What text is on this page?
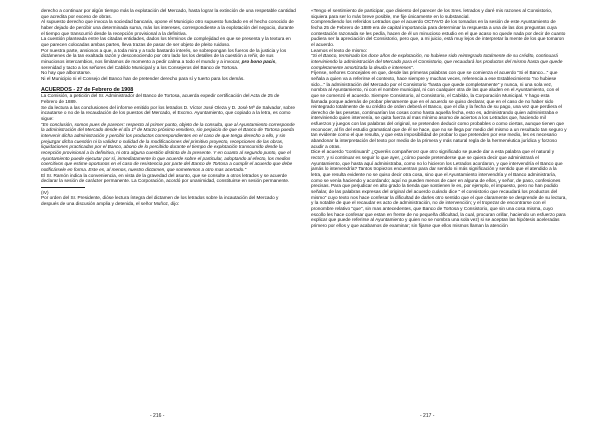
derecho a continuar por algún tiempo más la explotación del Mercado, hasta lograr la extinción de una respetable cantidad que acredita por exceso de obras.

Al supuesto derecho que invoca la sociedad bancaria, opone el Municipio otro supuesto fundado en el hecho conocido de haber dejado de percibir una determinada suma, más los intereses, correspondiente a la explotación del negocio, durante el tiempo que transcurrió desde la recepción provisional a la definitiva.

La cuestión planteada entre las citadas entidades, dados los términos de complejidad en que se presenta y la textura en que parecen colocadas ambas partes, lleva trazas de pasar de ser objeto de pleito ruidoso.

Por nuestra parte, ansiosos a que, a toda mira y a todo bastardo interés, se sobrepongan los fueros de la justicia y los dictámenes de la tan exaltada razón y desconociendo por otro lado los los detalles de la cuestión a reñir, de sus minuciosos intercambios, nos limitamos de momento a pedir calma a todo el mundo y a invocar, pro bono pacis, serenidad y tacto a los señores del Cabildo Municipal y a los Consejeros del Banco de Tortosa.

No hay que alborotarse.

Ni el Municipio ni el Consejo del Banco han de pretender derecho para sí y tuerto para los demás.

ACUERDOS - 27 de Febrero de 1908

La Comisión, a petición del Sr. Administrador del Banco de Tortosa, acuerda expedir certificación del Acta de 25 de Febrero de 1889.

Se da lectura a las conclusiones del informe emitido por los letrados D. Víctor José Oleza y D. José Mª de Salvador, sobre incautarse o no de la recaudación de los puestos del Mercado, el Excmo. Ayuntamiento, que copiado a la letra, es como sigue:

"En conclusión, somos pues de parecer: respecto al primer punto, objeto de la consulta, que al Ayuntamiento corresponde la administración del Mercado desde el día 1º de Marzo próximo venidero, sin perjuicio de que el Banco de Tortosa pueda intervenir dicha administración y percibir los productos correspondientes en el caso de que tenga derecho a ello, y sin prejuzgar dicha cuestión ni la validez o nulidad de la modificaciones del primitivo proyecto, recepciones de las obras, liquidaciones practicadas por el Banco, abono de lo percibido durante el tiempo de explotación transcurrido desde la recepción provisional a la definitiva, ni otra alguna cuestión distinta de la presente. Y en cuanto al segundo punto, que el Ayuntamiento puede ejecutar por sí, inmediatamente lo que acuerde sobre el particular, adoptando al efecto, los medios coercitivos que estime oportunos en el caso de resistencia por parte del Banco de Tortosa a cumplir el acuerdo que debe notificársele en forma. Este es, al menos, nuestro dictamen, que sometemos a otro mas acertado."

El Sr. Ramón indica la conveniencia, en vista de la gravedad del asunto, que se consulte a otros letrados y se acuerde declarar la sesión de carácter permanente. La Corporación, acordó por unanimidad, constituirse en sesión permanente.

(IV)

Por orden del Sr. Presidente, dióse lectura íntegra del dictamen de los letrados sobre la incautación del Mercado y después de una discusión amplia y detenida, el señor Muñoz, dijo:

«Tengo el sentimiento de participar, que disiento del parecer de los Sres. letrados y daré mis razones al Consistorio, siquiera para ser lo más breve posible, me fije únicamente en lo substancial.

Comprendiendo los referidos Letrados que el acuerdo OCTAVO de los tomados en la sesión de este Ayuntamiento de fecha 25 de Febrero de 1889 era de capital importancia para determinar la respuesta a una de las dos preguntas cuya contestación razonada se les pedía, hacen de él un minucioso estudio en el que acaso no quede nada por decir de cuanto pudiera ser la apreciación del Consistorio, pero que, a mi juicio, está muy lejos de interpretar la mente de los que tomaron el acuerdo.

Leamos el texto de mismo:

"Si el Banco, terminado los doce años de explotación, no hubiese sido reintegrado totalmente de su crédito, continuará interviniendo la administración del Mercado para el Consistorio, que recaudará los productos del mismo hasta que quede completamente amortizada la deuda e intereses".

Fíjense, señores Concejales en que, desde las primeras palabras con que se comienza el acuerdo "Si el Banco..." que señala a quien va a referirse el contexto, hace siempre y muchas veces, referencia a ese Establecimiento "no hubiese sido..." la administración del Mercado por el Consistorio "hasta que quede completamente" y nunca, ni una sola vez, nombra al Ayuntamiento, ni con el nombre municipal, ni con cualquier otra de las que aluden en el Ayuntamiento, con el que se comenzó el acuerdo. Siempre Consistorio, al Consistorio, el Cabildo, la Corporación Municipal. Y hago esta llamada porque además de probar plenamente que en el acuerdo se quiso declarar, que en el caso de no haber sido reintegrado totalmente de su crédito de orden deberá el Banco, que el día y la fecha de su pago, una vez que perdiera el derecho de las pesetas, continuarían las cosas como hasta aquella fecha, esto es, administrando quien administraba e interviniendo quien intervenía, se quita fuerza al mas mínimo asomo de aciertos a los Letrados que, haciendo mil esfuerzos y juegos con las palabras del original, se pretenden deducir como probables o como ciertas, aunque tienen que reconocer, al fin del estudio gramatical que de él se hace, que no se llega por medio del mismo a un resultado tan seguro y tan evidente como el que resulta, y que esta imposibilidad de probar lo que pretenden por ese medio, les es necesario abandonar la interpretación del texto por medio de la primera y más natural regla de la hermenéutica jurídica y forzoso acudir a otras.

Dice el acuerdo "continuará" ¿Queréis compañeros! que otro significado se puede dar a esta palabra que el natural y recto?, y si continuar es seguir lo que ayer, ¿cómo puede pretenderse que se quiera decir que administrará el Ayuntamiento, que hasta aquí administraba, como no lo hicieron los Letrados acordaron, y que intervendría el Banco que jamás lo intervendría? Tantos tropiezos encuentran para dar sentido ni más significación y sentido que el atendido a la letra, que resulta evidente no se quiso decir otra cosa, sino que el Ayuntamiento intervendría y el Banco administraría, como se venía haciendo y acordando; aquí no pueden menos de caer en alguna de ellos, y señor, de paso, confesiones precisas. Para que perjudicar en alto grado la tienda que sostienen le es, por ejemplo, el impuesto, pero no han podido señalar, de las palabras expresas del original del acuerdo cuándo dice " el consistorio que recaudará los productos del mismo" cuyo texto nos hace confesar la dificultad de darles otro sentido que el que claramente se desprende de su lectura, y la notable de que el recaudar es acto de administración, no de intervención; y el tropezar de encontrarse con el pronombre relativo "que", sin mas antecedentes, que Banco de Tortosa y Consistorio, que sin una cosa misma, cuyo escollo les hace confesar que estan en frente de no pequeña dificultad, la cual, procuran orillar, haciendo un esfuerzo para explicar que puede referirse al Ayuntamiento y quien no se nombra una sola vez) si se aceptan las hipótesis aceleradas primero por ellos y que acabamos de examinar; sin fijarse que ellos mismos llaman la atención

- 216 -	- 217 -
